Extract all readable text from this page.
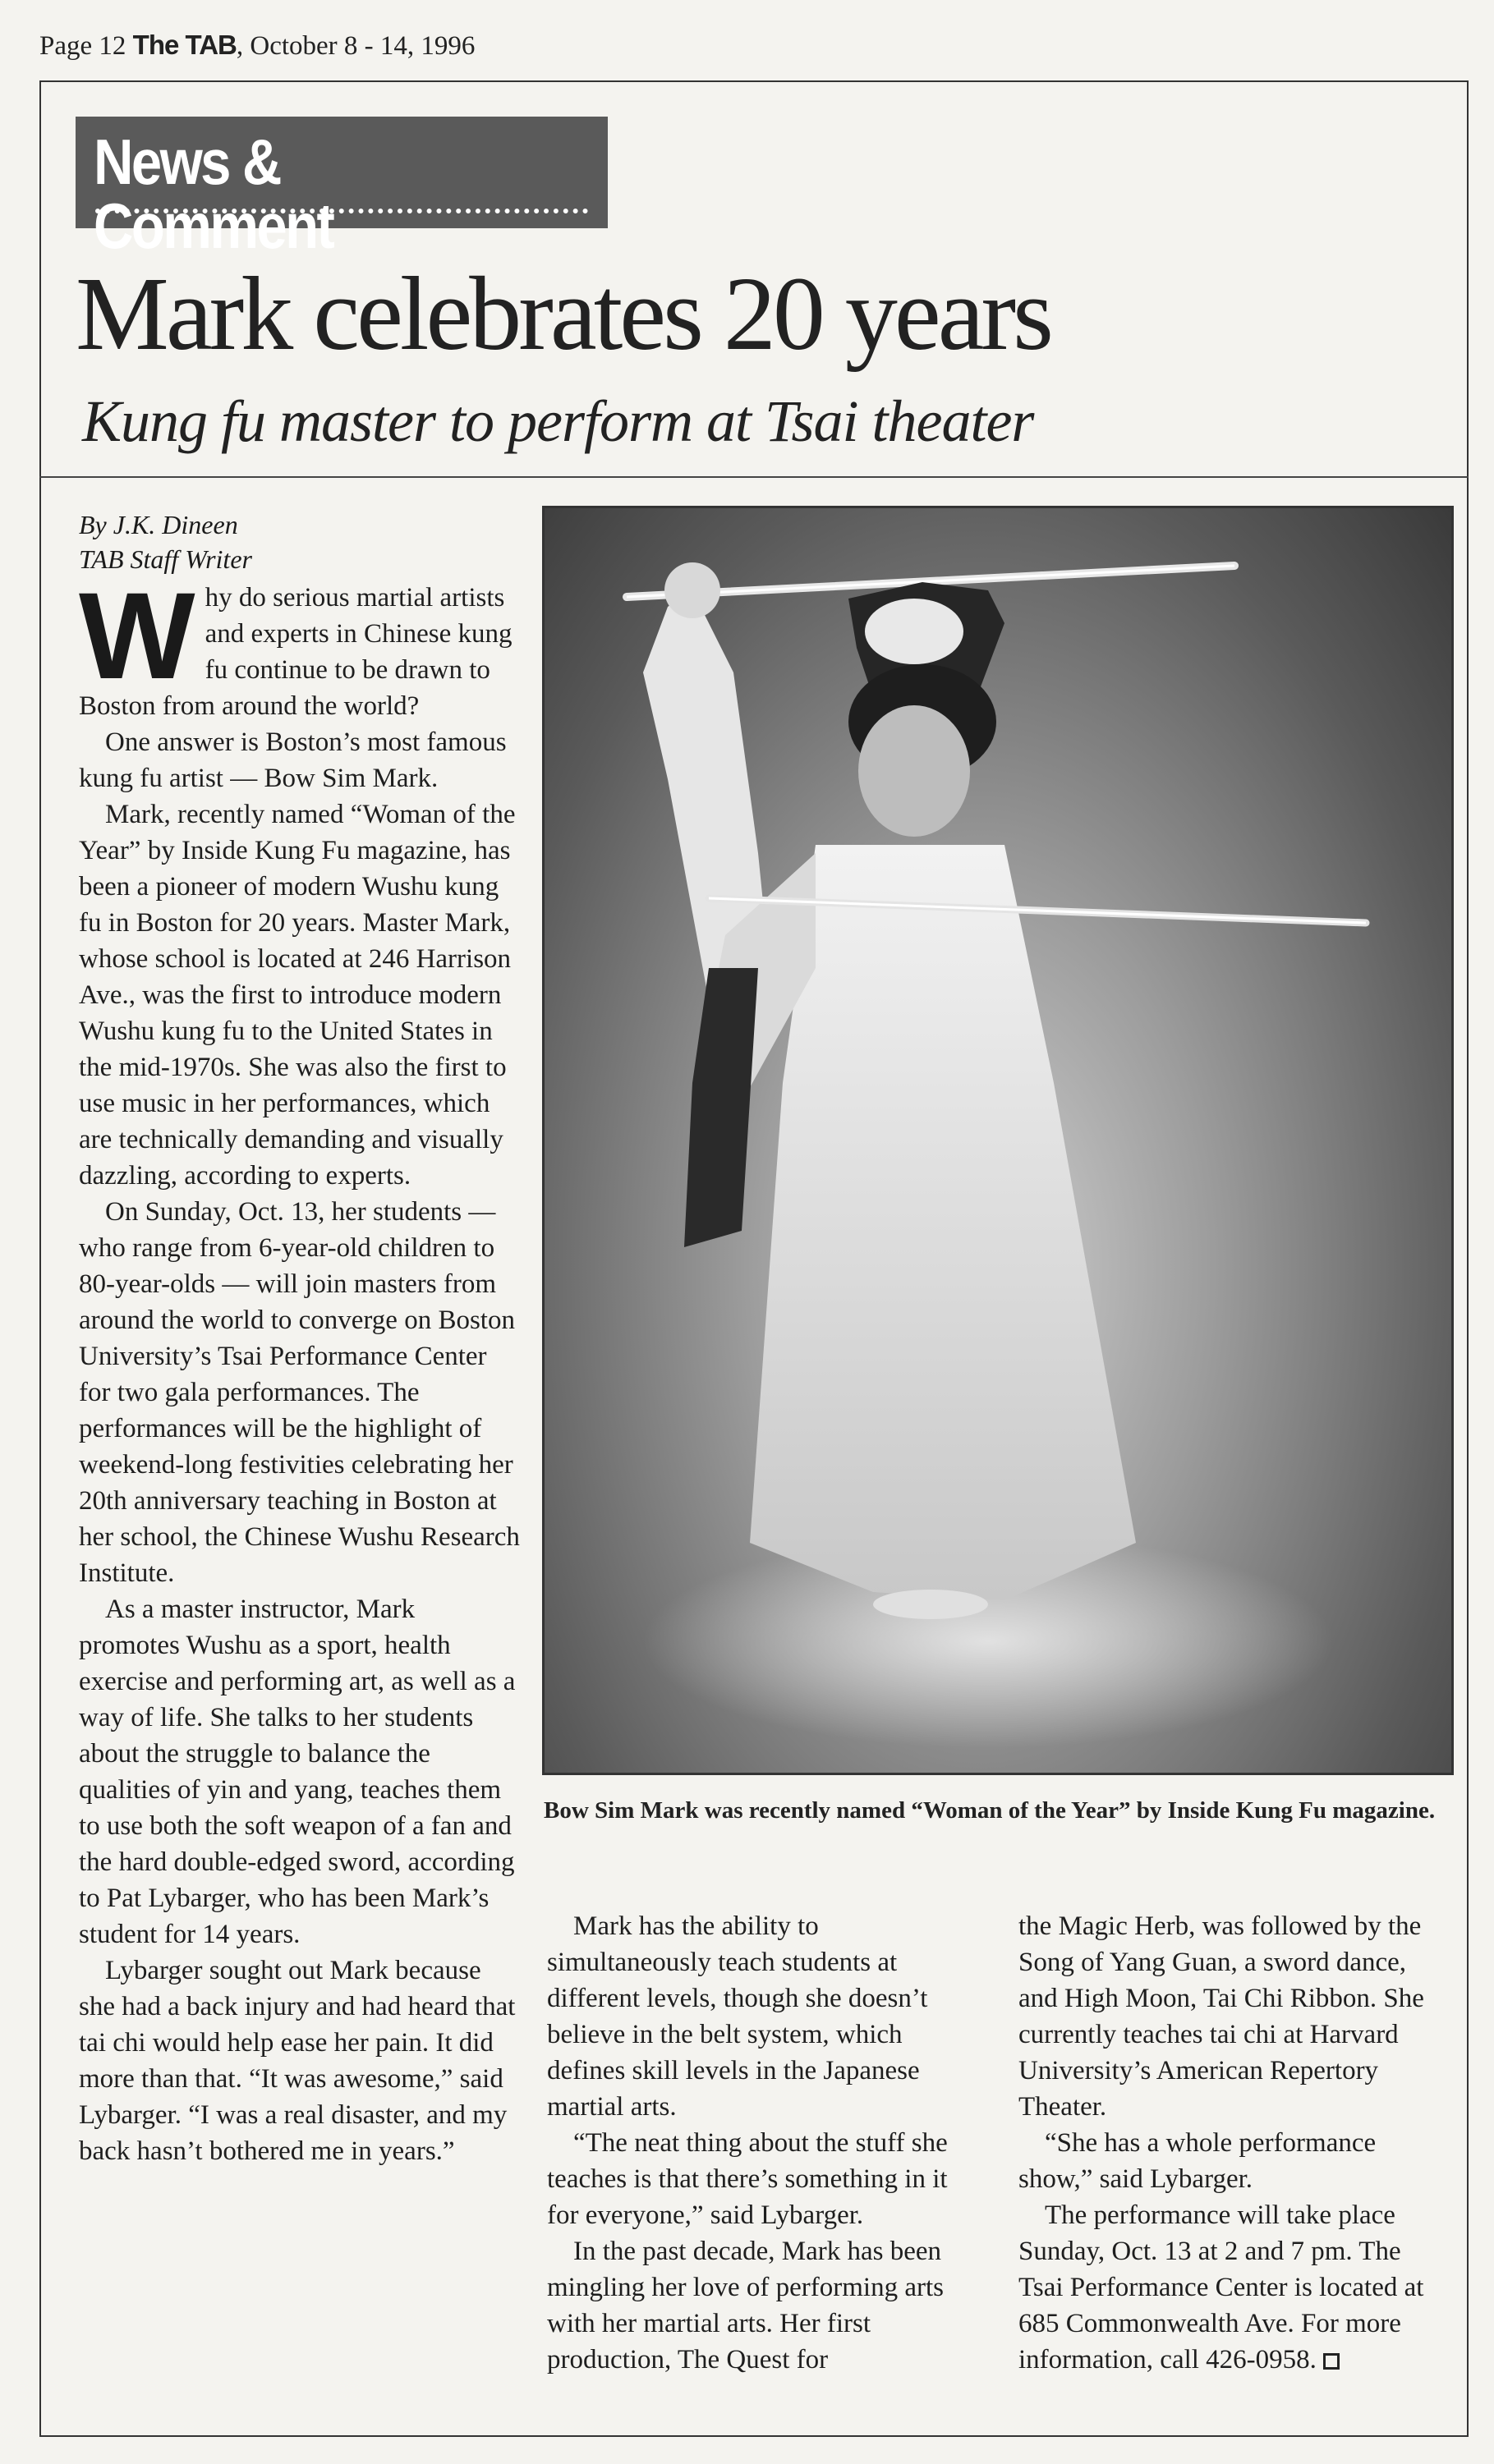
Page 12 The TAB, October 8 - 14, 1996
News & Comment
Mark celebrates 20 years
Kung fu master to perform at Tsai theater
By J.K. Dineen
TAB Staff Writer

Why do serious martial artists and experts in Chinese kung fu continue to be drawn to Boston from around the world?

One answer is Boston’s most famous kung fu artist — Bow Sim Mark.

Mark, recently named “Woman of the Year” by Inside Kung Fu magazine, has been a pioneer of modern Wushu kung fu in Boston for 20 years. Master Mark, whose school is located at 246 Harrison Ave., was the first to introduce modern Wushu kung fu to the United States in the mid-1970s. She was also the first to use music in her performances, which are technically demanding and visually dazzling, according to experts.

On Sunday, Oct. 13, her students — who range from 6-year-old children to 80-year-olds — will join masters from around the world to converge on Boston University’s Tsai Performance Center for two gala performances. The performances will be the highlight of weekend-long festivities celebrating her 20th anniversary teaching in Boston at her school, the Chinese Wushu Research Institute.

As a master instructor, Mark promotes Wushu as a sport, health exercise and performing art, as well as a way of life. She talks to her students about the struggle to balance the qualities of yin and yang, teaches them to use both the soft weapon of a fan and the hard double-edged sword, according to Pat Lybarger, who has been Mark’s student for 14 years.

Lybarger sought out Mark because she had a back injury and had heard that tai chi would help ease her pain. It did more than that. “It was awesome,” said Lybarger. “I was a real disaster, and my back hasn’t bothered me in years.”

Bow Sim Mark was recently named “Woman of the Year” by Inside Kung Fu magazine.

Mark has the ability to simultaneously teach students at different levels, though she doesn’t believe in the belt system, which defines skill levels in the Japanese martial arts.

“The neat thing about the stuff she teaches is that there’s something in it for everyone,” said Lybarger.

In the past decade, Mark has been mingling her love of performing arts with her martial arts. Her first production, The Quest for

the Magic Herb, was followed by the Song of Yang Guan, a sword dance, and High Moon, Tai Chi Ribbon. She currently teaches tai chi at Harvard University’s American Repertory Theater.

“She has a whole performance show,” said Lybarger.

The performance will take place Sunday, Oct. 13 at 2 and 7 pm. The Tsai Performance Center is located at 685 Commonwealth Ave. For more information, call 426-0958.
